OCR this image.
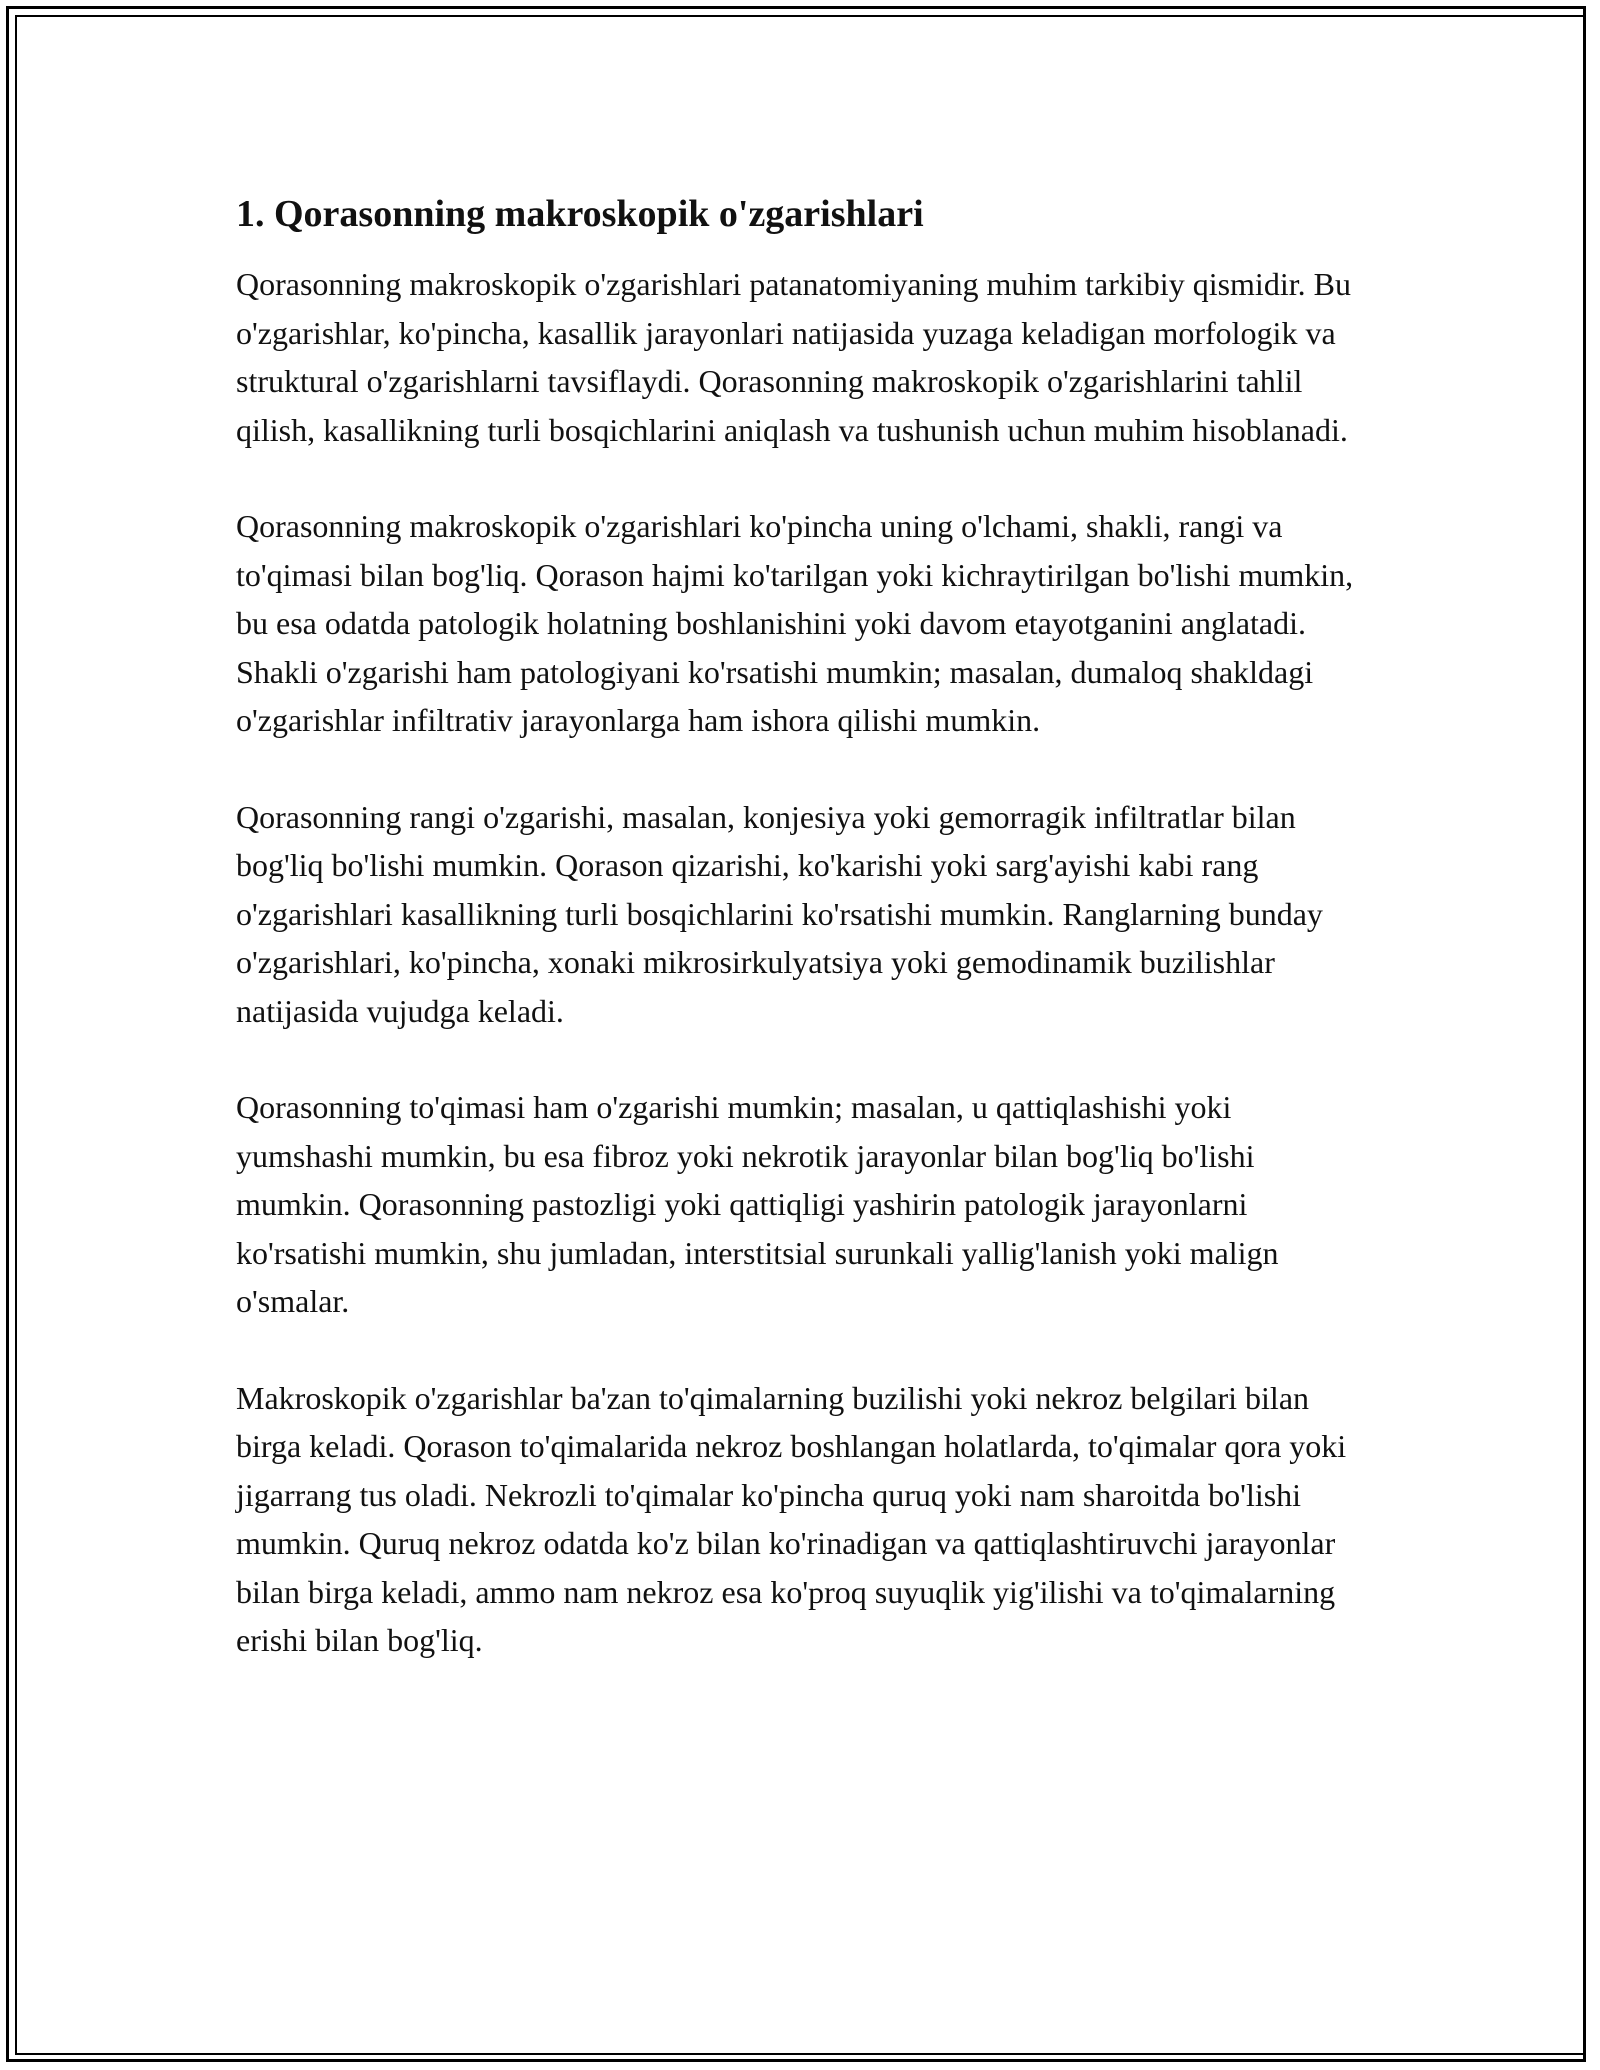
1. Qorasonning makroskopik o'zgarishlari

Qorasonning makroskopik o'zgarishlari patanatomiyaning muhim tarkibiy qismidir. Bu o'zgarishlar, ko'pincha, kasallik jarayonlari natijasida yuzaga keladigan morfologik va struktural o'zgarishlarni tavsiflaydi. Qorasonning makroskopik o'zgarishlarini tahlil qilish, kasallikning turli bosqichlarini aniqlash va tushunish uchun muhim hisoblanadi.

Qorasonning makroskopik o'zgarishlari ko'pincha uning o'lchami, shakli, rangi va to'qimasi bilan bog'liq. Qorason hajmi ko'tarilgan yoki kichraytirilgan bo'lishi mumkin, bu esa odatda patologik holatning boshlanishini yoki davom etayotganini anglatadi. Shakli o'zgarishi ham patologiyani ko'rsatishi mumkin; masalan, dumaloq shakldagi o'zgarishlar infiltrativ jarayonlarga ham ishora qilishi mumkin.

Qorasonning rangi o'zgarishi, masalan, konjesiya yoki gemorragik infiltratlar bilan bog'liq bo'lishi mumkin. Qorason qizarishi, ko'karishi yoki sarg'ayishi kabi rang o'zgarishlari kasallikning turli bosqichlarini ko'rsatishi mumkin. Ranglarning bunday o'zgarishlari, ko'pincha, xonaki mikrosirkulyatsiya yoki gemodinamik buzilishlar natijasida vujudga keladi.

Qorasonning to'qimasi ham o'zgarishi mumkin; masalan, u qattiqlashishi yoki yumshashi mumkin, bu esa fibroz yoki nekrotik jarayonlar bilan bog'liq bo'lishi mumkin. Qorasonning pastozligi yoki qattiqligi yashirin patologik jarayonlarni ko'rsatishi mumkin, shu jumladan, interstitsial surunkali yallig'lanish yoki malign o'smalar.

Makroskopik o'zgarishlar ba'zan to'qimalarning buzilishi yoki nekroz belgilari bilan birga keladi. Qorason to'qimalarida nekroz boshlangan holatlarda, to'qimalar qora yoki jigarrang tus oladi. Nekrozli to'qimalar ko'pincha quruq yoki nam sharoitda bo'lishi mumkin. Quruq nekroz odatda ko'z bilan ko'rinadigan va qattiqlashtiruvchi jarayonlar bilan birga keladi, ammo nam nekroz esa ko'proq suyuqlik yig'ilishi va to'qimalarning erishi bilan bog'liq.
